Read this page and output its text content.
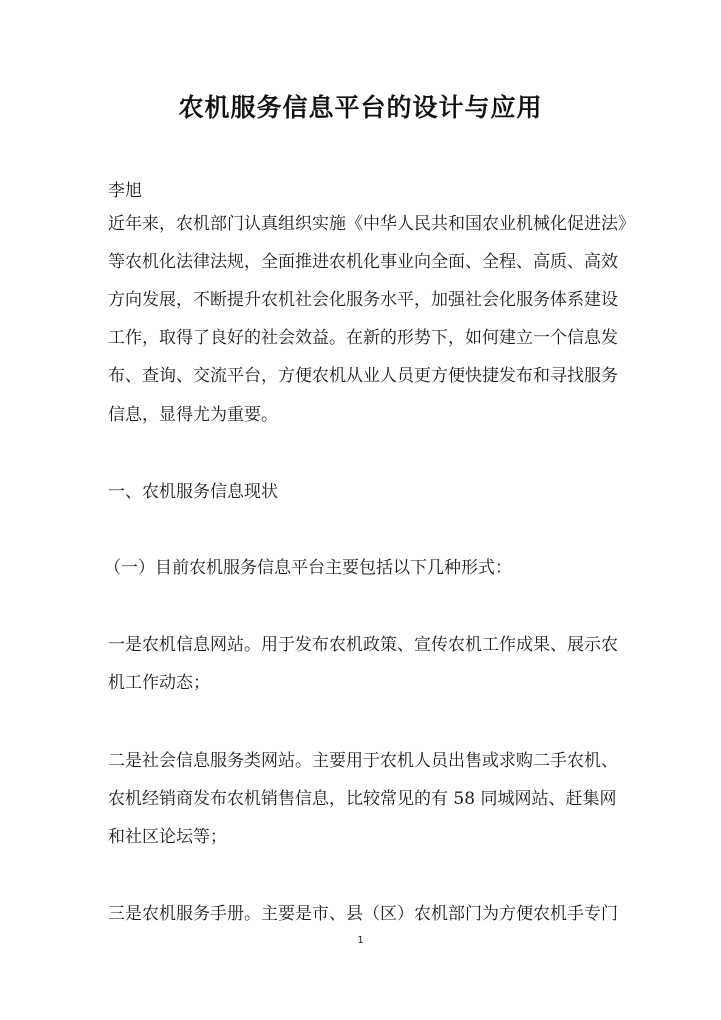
农机服务信息平台的设计与应用
李旭
近年来，农机部门认真组织实施《中华人民共和国农业机械化促进法》
等农机化法律法规，全面推进农机化事业向全面、全程、高质、高效
方向发展，不断提升农机社会化服务水平，加强社会化服务体系建设
工作，取得了良好的社会效益。在新的形势下，如何建立一个信息发
布、查询、交流平台，方便农机从业人员更方便快捷发布和寻找服务
信息，显得尤为重要。
一、农机服务信息现状
（一）目前农机服务信息平台主要包括以下几种形式：
一是农机信息网站。用于发布农机政策、宣传农机工作成果、展示农
机工作动态；
二是社会信息服务类网站。主要用于农机人员出售或求购二手农机、
农机经销商发布农机销售信息，比较常见的有 58 同城网站、赶集网
和社区论坛等；
三是农机服务手册。主要是市、县（区）农机部门为方便农机手专门
1
